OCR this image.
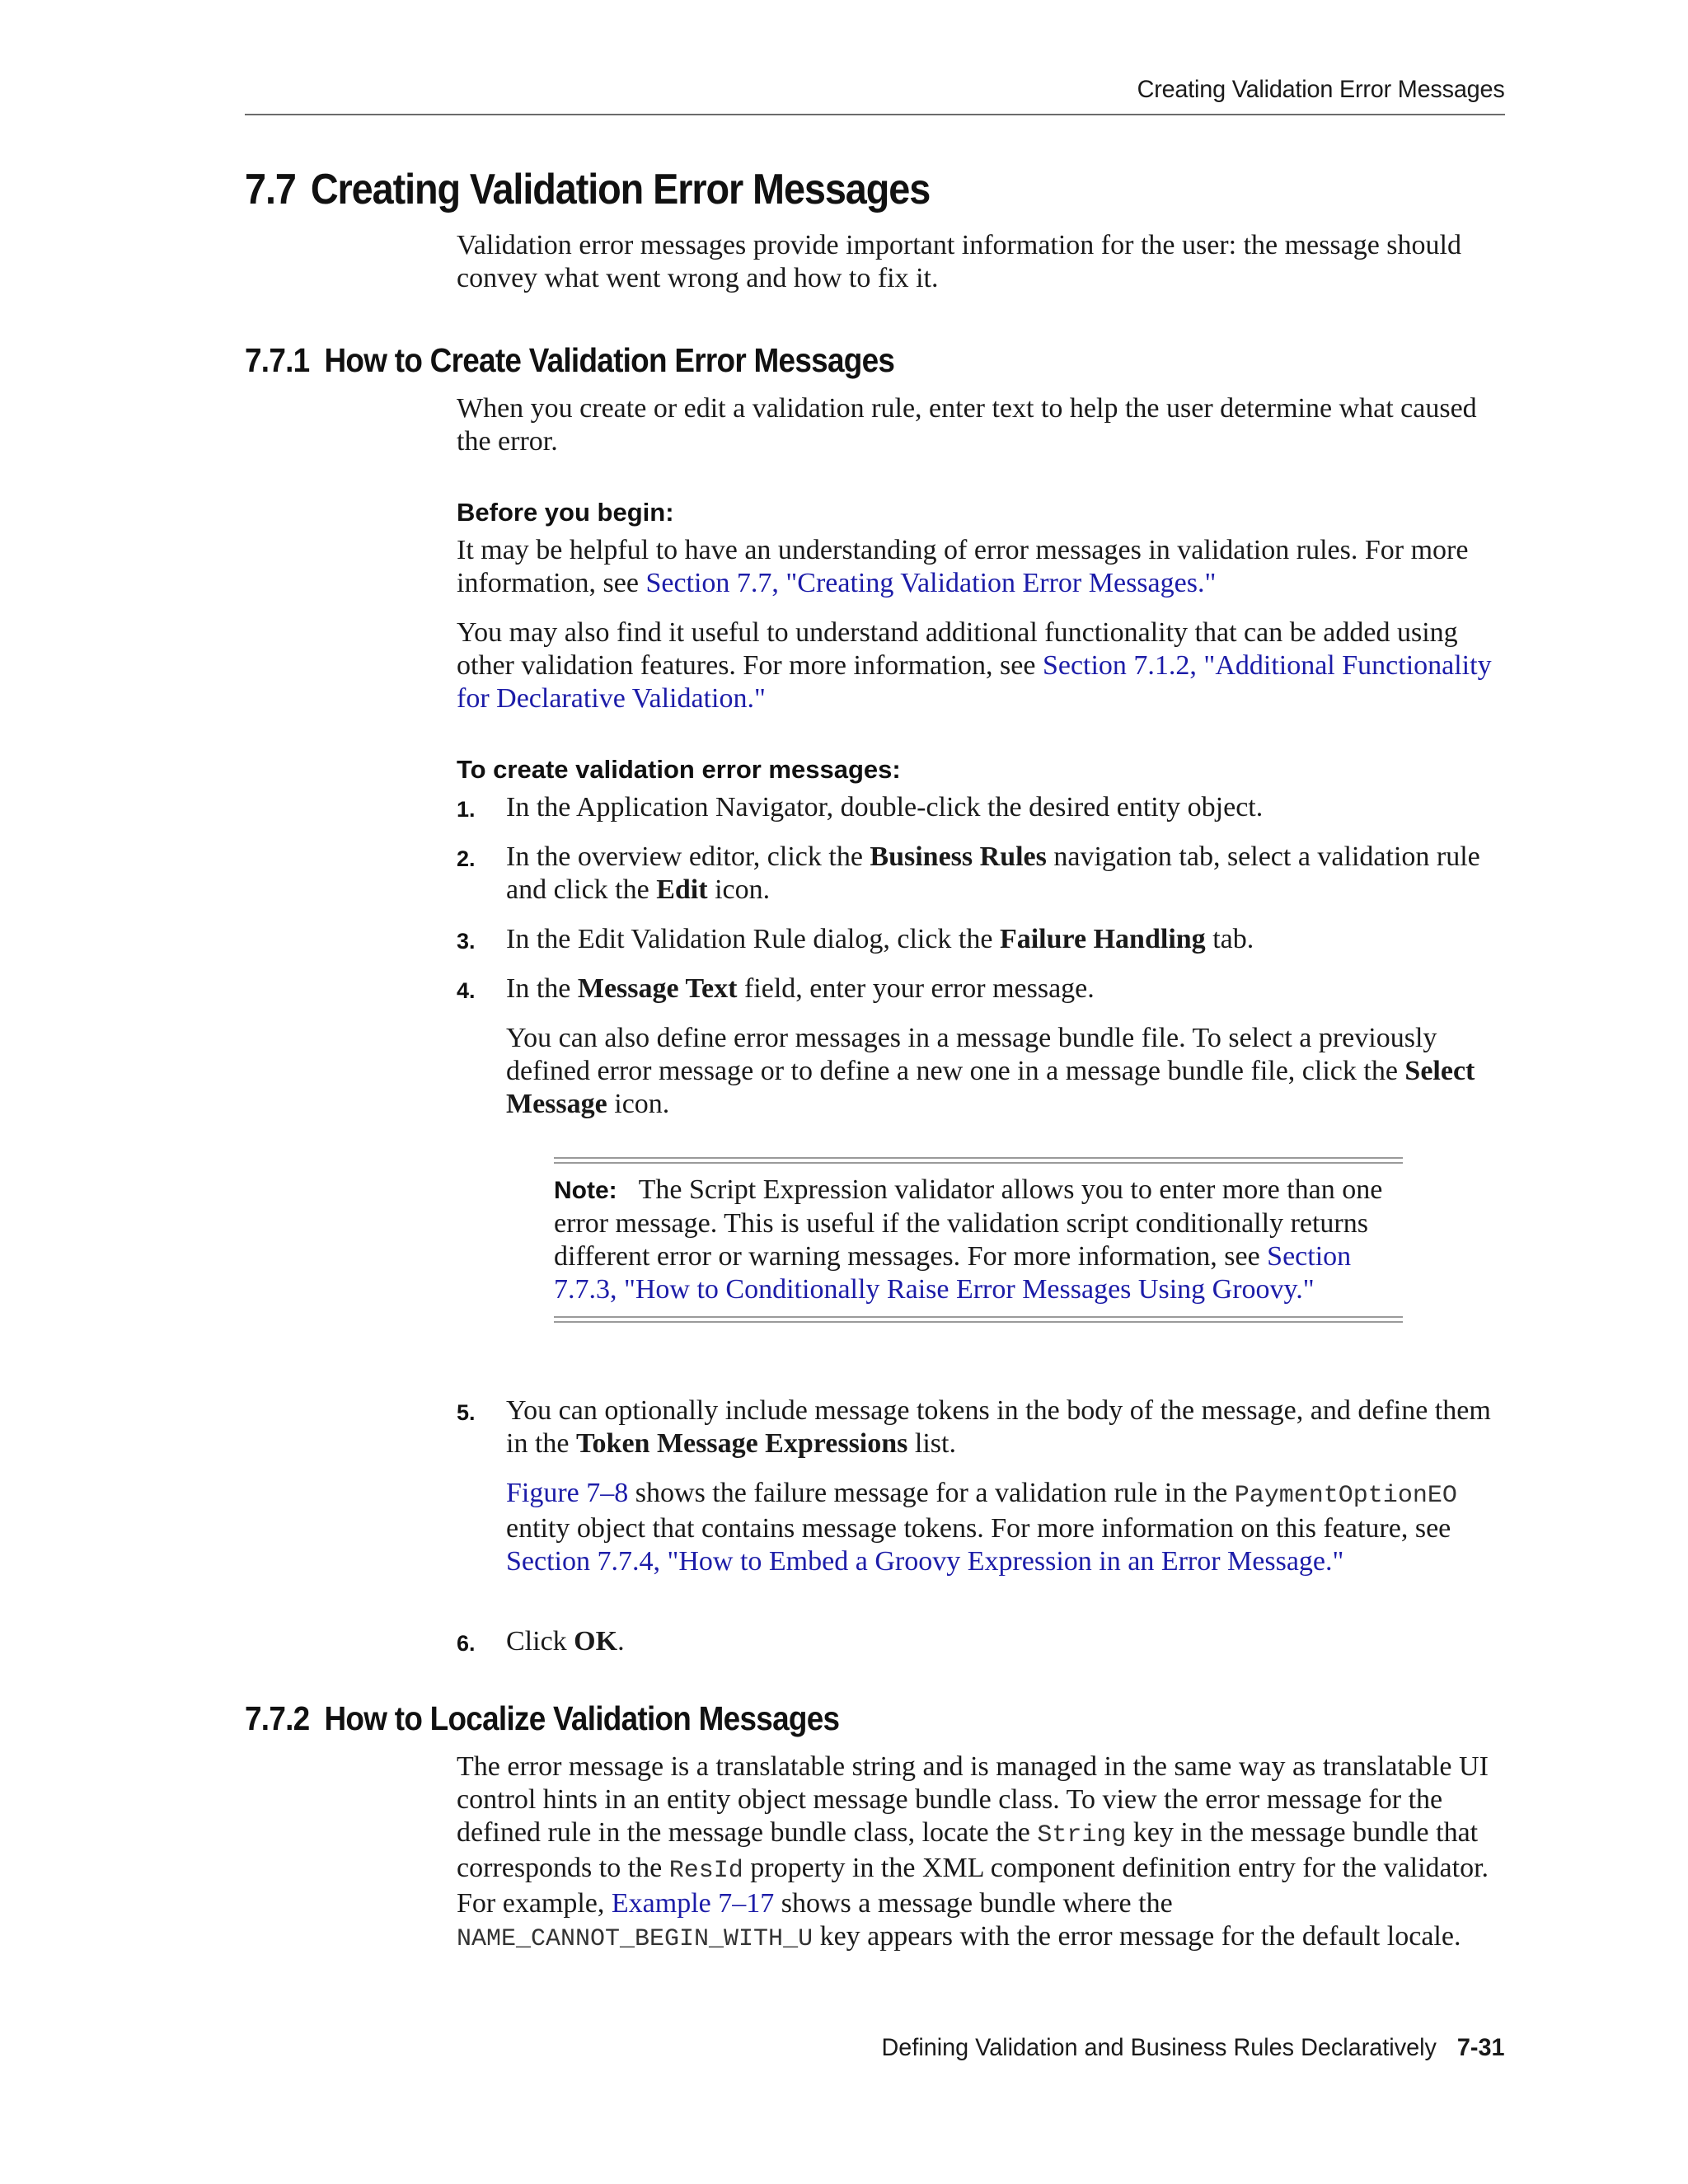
Creating Validation Error Messages
7.7 Creating Validation Error Messages

Validation error messages provide important information for the user: the message should convey what went wrong and how to fix it.

7.7.1 How to Create Validation Error Messages

When you create or edit a validation rule, enter text to help the user determine what caused the error.

Before you begin:

It may be helpful to have an understanding of error messages in validation rules. For more information, see Section 7.7, "Creating Validation Error Messages."

You may also find it useful to understand additional functionality that can be added using other validation features. For more information, see Section 7.1.2, "Additional Functionality for Declarative Validation."

To create validation error messages:

1. In the Application Navigator, double-click the desired entity object.

2. In the overview editor, click the Business Rules navigation tab, select a validation rule and click the Edit icon.

3. In the Edit Validation Rule dialog, click the Failure Handling tab.

4. In the Message Text field, enter your error message.

You can also define error messages in a message bundle file. To select a previously defined error message or to define a new one in a message bundle file, click the Select Message icon.

Note: The Script Expression validator allows you to enter more than one error message. This is useful if the validation script conditionally returns different error or warning messages. For more information, see Section 7.7.3, "How to Conditionally Raise Error Messages Using Groovy."
5. You can optionally include message tokens in the body of the message, and define them in the Token Message Expressions list.

Figure 7–8 shows the failure message for a validation rule in the PaymentOptionEO entity object that contains message tokens. For more information on this feature, see Section 7.7.4, "How to Embed a Groovy Expression in an Error Message."

6. Click OK.

7.7.2 How to Localize Validation Messages

The error message is a translatable string and is managed in the same way as translatable UI control hints in an entity object message bundle class. To view the error message for the defined rule in the message bundle class, locate the String key in the message bundle that corresponds to the ResId property in the XML component definition entry for the validator. For example, Example 7–17 shows a message bundle where the NAME_CANNOT_BEGIN_WITH_U key appears with the error message for the default locale.

Defining Validation and Business Rules Declaratively 7-31
